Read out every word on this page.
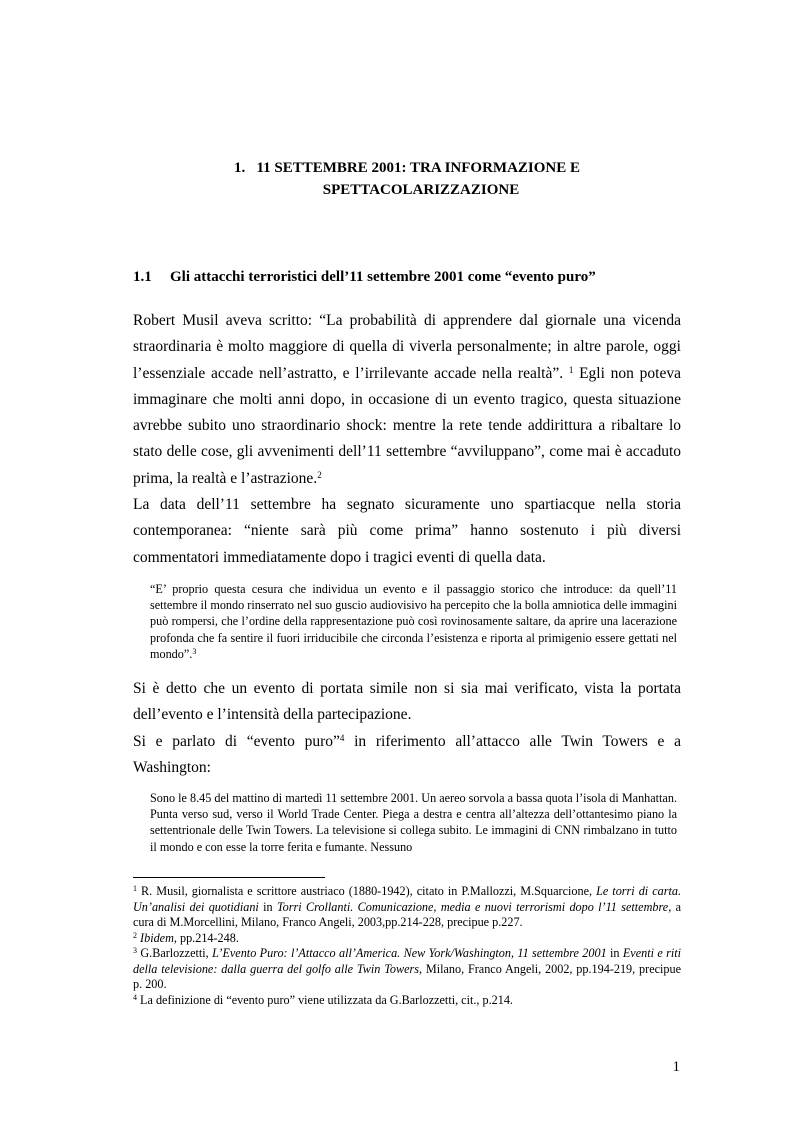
1. 11 SETTEMBRE 2001: TRA INFORMAZIONE E
SPETTACOLARIZZAZIONE
1.1 Gli attacchi terroristici dell’11 settembre 2001 come “evento puro”

Robert Musil aveva scritto: “La probabilità di apprendere dal giornale una vicenda straordinaria è molto maggiore di quella di viverla personalmente; in altre parole, oggi l’essenziale accade nell’astratto, e l’irrilevante accade nella realtà”. $^1$ Egli non poteva immaginare che molti anni dopo, in occasione di un evento tragico, questa situazione avrebbe subito uno straordinario shock: mentre la rete tende addirittura a ribaltare lo stato delle cose, gli avvenimenti dell’11 settembre “avviluppano”, come mai è accaduto prima, la realtà e l’astrazione.$^2$

La data dell’11 settembre ha segnato sicuramente uno spartiacque nella storia contemporanea: “niente sarà più come prima” hanno sostenuto i più diversi commentatori immediatamente dopo i tragici eventi di quella data.

“E’ proprio questa cesura che individua un evento e il passaggio storico che introduce: da quell’11 settembre il mondo rinserrato nel suo guscio audiovisivo ha percepito che la bolla amniotica delle immagini può rompersi, che l’ordine della rappresentazione può così rovinosamente saltare, da aprire una lacerazione profonda che fa sentire il fuori irriducibile che circonda l’esistenza e riporta al primigenio essere gettati nel mondo”.$^3$

Si è detto che un evento di portata simile non si sia mai verificato, vista la portata dell’evento e l’intensità della partecipazione.

Si e parlato di “evento puro”$^4$ in riferimento all’attacco alle Twin Towers e a Washington:

Sono le 8.45 del mattino di martedì 11 settembre 2001. Un aereo sorvola a bassa quota l’isola di Manhattan. Punta verso sud, verso il World Trade Center. Piega a destra e centra all’altezza dell’ottantesimo piano la settentrionale delle Twin Towers. La televisione si collega subito. Le immagini di CNN rimbalzano in tutto il mondo e con esse la torre ferita e fumante. Nessuno

$^1$ R. Musil, giornalista e scrittore austriaco (1880-1942), citato in P.Mallozzi, M.Squarcione, Le torri di carta. Un’analisi dei quotidiani in Torri Crollanti. Comunicazione, media e nuovi terrorismi dopo l’11 settembre, a cura di M.Morcellini, Milano, Franco Angeli, 2003,pp.214-228, precipue p.227.

$^2$ Ibidem, pp.214-248.

$^3$ G.Barlozzetti, L’Evento Puro: l’Attacco all’America. New York/Washington, 11 settembre 2001 in Eventi e riti della televisione: dalla guerra del golfo alle Twin Towers, Milano, Franco Angeli, 2002, pp.194-219, precipue p. 200.

$^4$ La definizione di “evento puro” viene utilizzata da G.Barlozzetti, cit., p.214.

1
